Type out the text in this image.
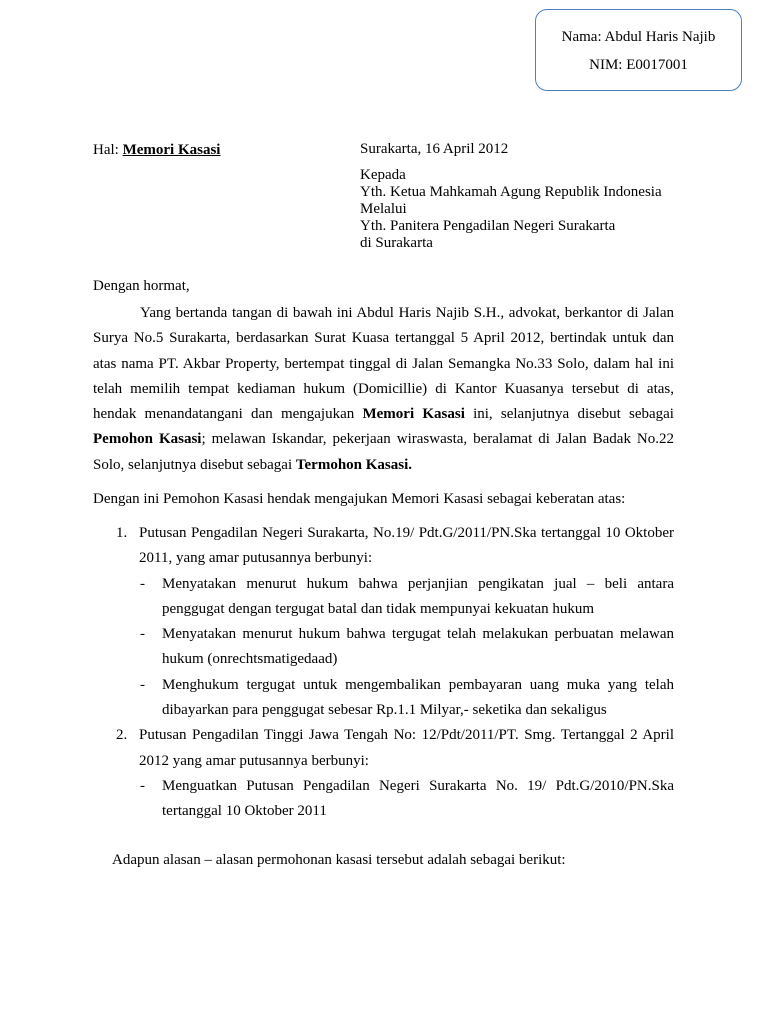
Nama: Abdul Haris Najib
NIM: E0017001
Hal: Memori Kasasi	Surakarta, 16 April 2012
Kepada
Yth. Ketua Mahkamah Agung Republik Indonesia
Melalui
Yth. Panitera Pengadilan Negeri Surakarta
di Surakarta
Dengan hormat,
Yang bertanda tangan di bawah ini Abdul Haris Najib S.H., advokat, berkantor di Jalan Surya No.5 Surakarta, berdasarkan Surat Kuasa tertanggal 5 April 2012, bertindak untuk dan atas nama PT. Akbar Property, bertempat tinggal di Jalan Semangka No.33 Solo, dalam hal ini telah memilih tempat kediaman hukum (Domicillie) di Kantor Kuasanya tersebut di atas, hendak menandatangani dan mengajukan Memori Kasasi ini, selanjutnya disebut sebagai Pemohon Kasasi; melawan Iskandar, pekerjaan wiraswasta, beralamat di Jalan Badak No.22 Solo, selanjutnya disebut sebagai Termohon Kasasi.
Dengan ini Pemohon Kasasi hendak mengajukan Memori Kasasi sebagai keberatan atas:
1. Putusan Pengadilan Negeri Surakarta, No.19/ Pdt.G/2011/PN.Ska tertanggal 10 Oktober 2011, yang amar putusannya berbunyi:
- Menyatakan menurut hukum bahwa perjanjian pengikatan jual – beli antara penggugat dengan tergugat batal dan tidak mempunyai kekuatan hukum
- Menyatakan menurut hukum bahwa tergugat telah melakukan perbuatan melawan hukum (onrechtsmatigedaad)
- Menghukum tergugat untuk mengembalikan pembayaran uang muka yang telah dibayarkan para penggugat sebesar Rp.1.1 Milyar,- seketika dan sekaligus
2. Putusan Pengadilan Tinggi Jawa Tengah No: 12/Pdt/2011/PT. Smg. Tertanggal 2 April 2012 yang amar putusannya berbunyi:
- Menguatkan Putusan Pengadilan Negeri Surakarta No. 19/ Pdt.G/2010/PN.Ska tertanggal 10 Oktober 2011
Adapun alasan – alasan permohonan kasasi tersebut adalah sebagai berikut:
